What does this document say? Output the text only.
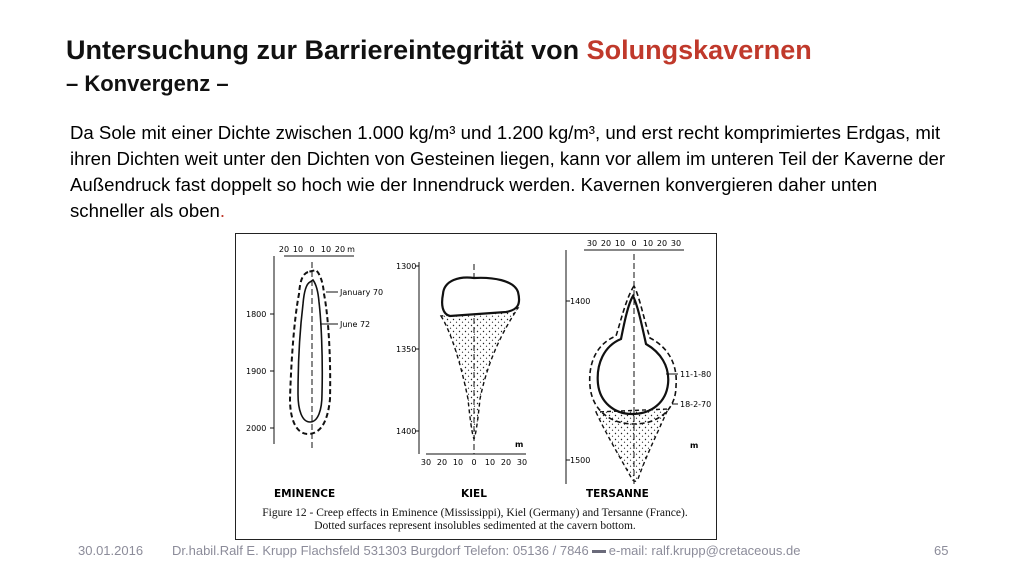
Untersuchung zur Barriereintegrität von Solungskavernen
– Konvergenz –

Da Sole mit einer Dichte zwischen 1.000 kg/m³ und 1.200 kg/m³, und erst recht komprimiertes Erdgas, mit ihren Dichten weit unter den Dichten von Gesteinen liegen, kann vor allem im unteren Teil der Kaverne der Außendruck fast doppelt so hoch wie der Innendruck werden. Kavernen konvergieren daher unten schneller als oben.

20 10 0 10 20 m
1800
1900
2000
January 70
June 72
EMINENCE
1300
1350
1400
30 20 10 0 10 20 30
m
KIEL
30 20 10 0 10 20 30
1400
1500
11-1-80
18-2-70
m
TERSANNE
Figure 12 - Creep effects in Eminence (Mississippi), Kiel (Germany) and Tersanne (France).
Dotted surfaces represent insolubles sedimented at the cavern bottom.
30.01.2016 Dr.habil.Ralf E. Krupp Flachsfeld 531303 Burgdorf Telefon: 05136 / 7846 e-mail: ralf.krupp@cretaceous.de	65
